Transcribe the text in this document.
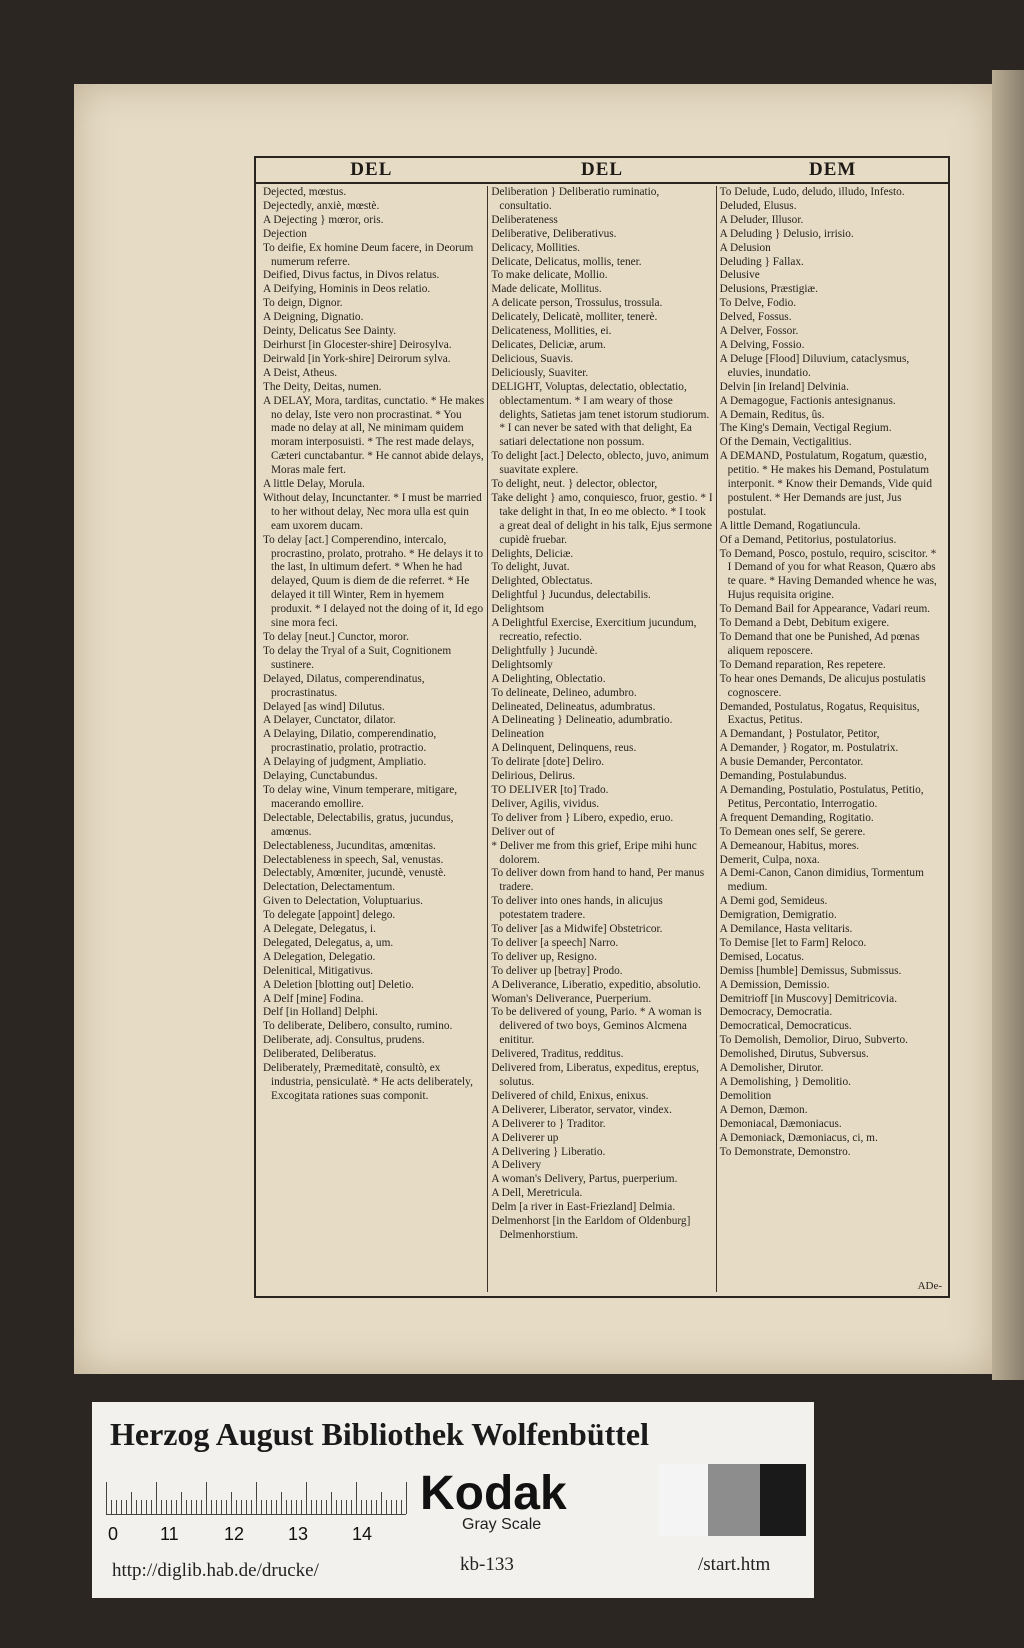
DEL	DEL	DEM

Dejected, mœstus.

Dejectedly, anxiè, mœstè.

A Dejecting } mœror, oris.

Dejection

To deifie, Ex homine Deum facere, in Deorum numerum referre.

Deified, Divus factus, in Divos relatus.

A Deifying, Hominis in Deos relatio.

To deign, Dignor.

A Deigning, Dignatio.

Deinty, Delicatus See Dainty.

Deirhurst [in Glocester-shire] Deirosylva.

Deirwald [in York-shire] Deirorum sylva.

A Deist, Atheus.

The Deity, Deitas, numen.

A DELAY, Mora, tarditas, cunctatio. * He makes no delay, Iste vero non procrastinat. * You made no delay at all, Ne minimam quidem moram interposuisti. * The rest made delays, Cæteri cunctabantur. * He cannot abide delays, Moras male fert.

A little Delay, Morula.

Without delay, Incunctanter. * I must be married to her without delay, Nec mora ulla est quin eam uxorem ducam.

To delay [act.] Comperendino, intercalo, procrastino, prolato, protraho. * He delays it to the last, In ultimum defert. * When he had delayed, Quum is diem de die referret. * He delayed it till Winter, Rem in hyemem produxit. * I delayed not the doing of it, Id ego sine mora feci.

To delay [neut.] Cunctor, moror.

To delay the Tryal of a Suit, Cognitionem sustinere.

Delayed, Dilatus, comperendinatus, procrastinatus.

Delayed [as wind] Dilutus.

A Delayer, Cunctator, dilator.

A Delaying, Dilatio, comperendinatio, procrastinatio, prolatio, protractio.

A Delaying of judgment, Ampliatio.

Delaying, Cunctabundus.

To delay wine, Vinum temperare, mitigare, macerando emollire.

Delectable, Delectabilis, gratus, jucundus, amœnus.

Delectableness, Jucunditas, amœnitas.

Delectableness in speech, Sal, venustas.

Delectably, Amœniter, jucundè, venustè.

Delectation, Delectamentum.

Given to Delectation, Voluptuarius.

To delegate [appoint] delego.

A Delegate, Delegatus, i.

Delegated, Delegatus, a, um.

A Delegation, Delegatio.

Delenitical, Mitigativus.

A Deletion [blotting out] Deletio.

A Delf [mine] Fodina.

Delf [in Holland] Delphi.

To deliberate, Delibero, consulto, rumino.

Deliberate, adj. Consultus, prudens.

Deliberated, Deliberatus.

Deliberately, Præmeditatè, consultò, ex industria, pensiculatè. * He acts deliberately, Excogitata rationes suas componit.

Deliberation } Deliberatio ruminatio, consultatio.

Deliberateness

Deliberative, Deliberativus.

Delicacy, Mollities.

Delicate, Delicatus, mollis, tener.

To make delicate, Mollio.

Made delicate, Mollitus.

A delicate person, Trossulus, trossula.

Delicately, Delicatè, molliter, tenerè.

Delicateness, Mollities, ei.

Delicates, Deliciæ, arum.

Delicious, Suavis.

Deliciously, Suaviter.

DELIGHT, Voluptas, delectatio, oblectatio, oblectamentum. * I am weary of those delights, Satietas jam tenet istorum studiorum. * I can never be sated with that delight, Ea satiari delectatione non possum.

To delight [act.] Delecto, oblecto, juvo, animum suavitate explere.

To delight, neut. } delector, oblector,

Take delight } amo, conquiesco, fruor, gestio. * I take delight in that, In eo me oblecto. * I took a great deal of delight in his talk, Ejus sermone cupidè fruebar.

Delights, Deliciæ.

To delight, Juvat.

Delighted, Oblectatus.

Delightful } Jucundus, delectabilis.

Delightsom

A Delightful Exercise, Exercitium jucundum, recreatio, refectio.

Delightfully } Jucundè.

Delightsomly

A Delighting, Oblectatio.

To delineate, Delineo, adumbro.

Delineated, Delineatus, adumbratus.

A Delineating } Delineatio, adumbratio.

Delineation

A Delinquent, Delinquens, reus.

To delirate [dote] Deliro.

Delirious, Delirus.

TO DELIVER [to] Trado.

Deliver, Agilis, vividus.

To deliver from } Libero, expedio, eruo.

Deliver out of

* Deliver me from this grief, Eripe mihi hunc dolorem.

To deliver down from hand to hand, Per manus tradere.

To deliver into ones hands, in alicujus potestatem tradere.

To deliver [as a Midwife] Obstetricor.

To deliver [a speech] Narro.

To deliver up, Resigno.

To deliver up [betray] Prodo.

A Deliverance, Liberatio, expeditio, absolutio.

Woman's Deliverance, Puerperium.

To be delivered of young, Pario. * A woman is delivered of two boys, Geminos Alcmena enititur.

Delivered, Traditus, redditus.

Delivered from, Liberatus, expeditus, ereptus, solutus.

Delivered of child, Enixus, enixus.

A Deliverer, Liberator, servator, vindex.

A Deliverer to } Traditor.

A Deliverer up

A Delivering } Liberatio.

A Delivery

A woman's Delivery, Partus, puerperium.

A Dell, Meretricula.

Delm [a river in East-Friezland] Delmia.

Delmenhorst [in the Earldom of Oldenburg] Delmenhorstium.

To Delude, Ludo, deludo, illudo, Infesto.

Deluded, Elusus.

A Deluder, Illusor.

A Deluding } Delusio, irrisio.

A Delusion

Deluding } Fallax.

Delusive

Delusions, Præstigiæ.

To Delve, Fodio.

Delved, Fossus.

A Delver, Fossor.

A Delving, Fossio.

A Deluge [Flood] Diluvium, cataclysmus, eluvies, inundatio.

Delvin [in Ireland] Delvinia.

A Demagogue, Factionis antesignanus.

A Demain, Reditus, ûs.

The King's Demain, Vectigal Regium.

Of the Demain, Vectigalitius.

A DEMAND, Postulatum, Rogatum, quæstio, petitio. * He makes his Demand, Postulatum interponit. * Know their Demands, Vide quid postulent. * Her Demands are just, Jus postulat.

A little Demand, Rogatiuncula.

Of a Demand, Petitorius, postulatorius.

To Demand, Posco, postulo, requiro, sciscitor. * I Demand of you for what Reason, Quæro abs te quare. * Having Demanded whence he was, Hujus requisita origine.

To Demand Bail for Appearance, Vadari reum.

To Demand a Debt, Debitum exigere.

To Demand that one be Punished, Ad pœnas aliquem reposcere.

To Demand reparation, Res repetere.

To hear ones Demands, De alicujus postulatis cognoscere.

Demanded, Postulatus, Rogatus, Requisitus, Exactus, Petitus.

A Demandant, } Postulator, Petitor,

A Demander, } Rogator, m. Postulatrix.

A busie Demander, Percontator.

Demanding, Postulabundus.

A Demanding, Postulatio, Postulatus, Petitio, Petitus, Percontatio, Interrogatio.

A frequent Demanding, Rogitatio.

To Demean ones self, Se gerere.

A Demeanour, Habitus, mores.

Demerit, Culpa, noxa.

A Demi-Canon, Canon dimidius, Tormentum medium.

A Demi god, Semideus.

Demigration, Demigratio.

A Demilance, Hasta velitaris.

To Demise [let to Farm] Reloco.

Demised, Locatus.

Demiss [humble] Demissus, Submissus.

A Demission, Demissio.

Demitrioff [in Muscovy] Demitricovia.

Democracy, Democratia.

Democratical, Democraticus.

To Demolish, Demolior, Diruo, Subverto.

Demolished, Dirutus, Subversus.

A Demolisher, Dirutor.

A Demolishing, } Demolitio.

Demolition

A Demon, Dæmon.

Demoniacal, Dæmoniacus.

A Demoniack, Dæmoniacus, ci, m.

To Demonstrate, Demonstro.

ADe-
Herzog August Bibliothek Wolfenbüttel
0 11	12 13 14
Kodak
Gray Scale
http://diglib.hab.de/drucke/	kb-133	/start.htm
